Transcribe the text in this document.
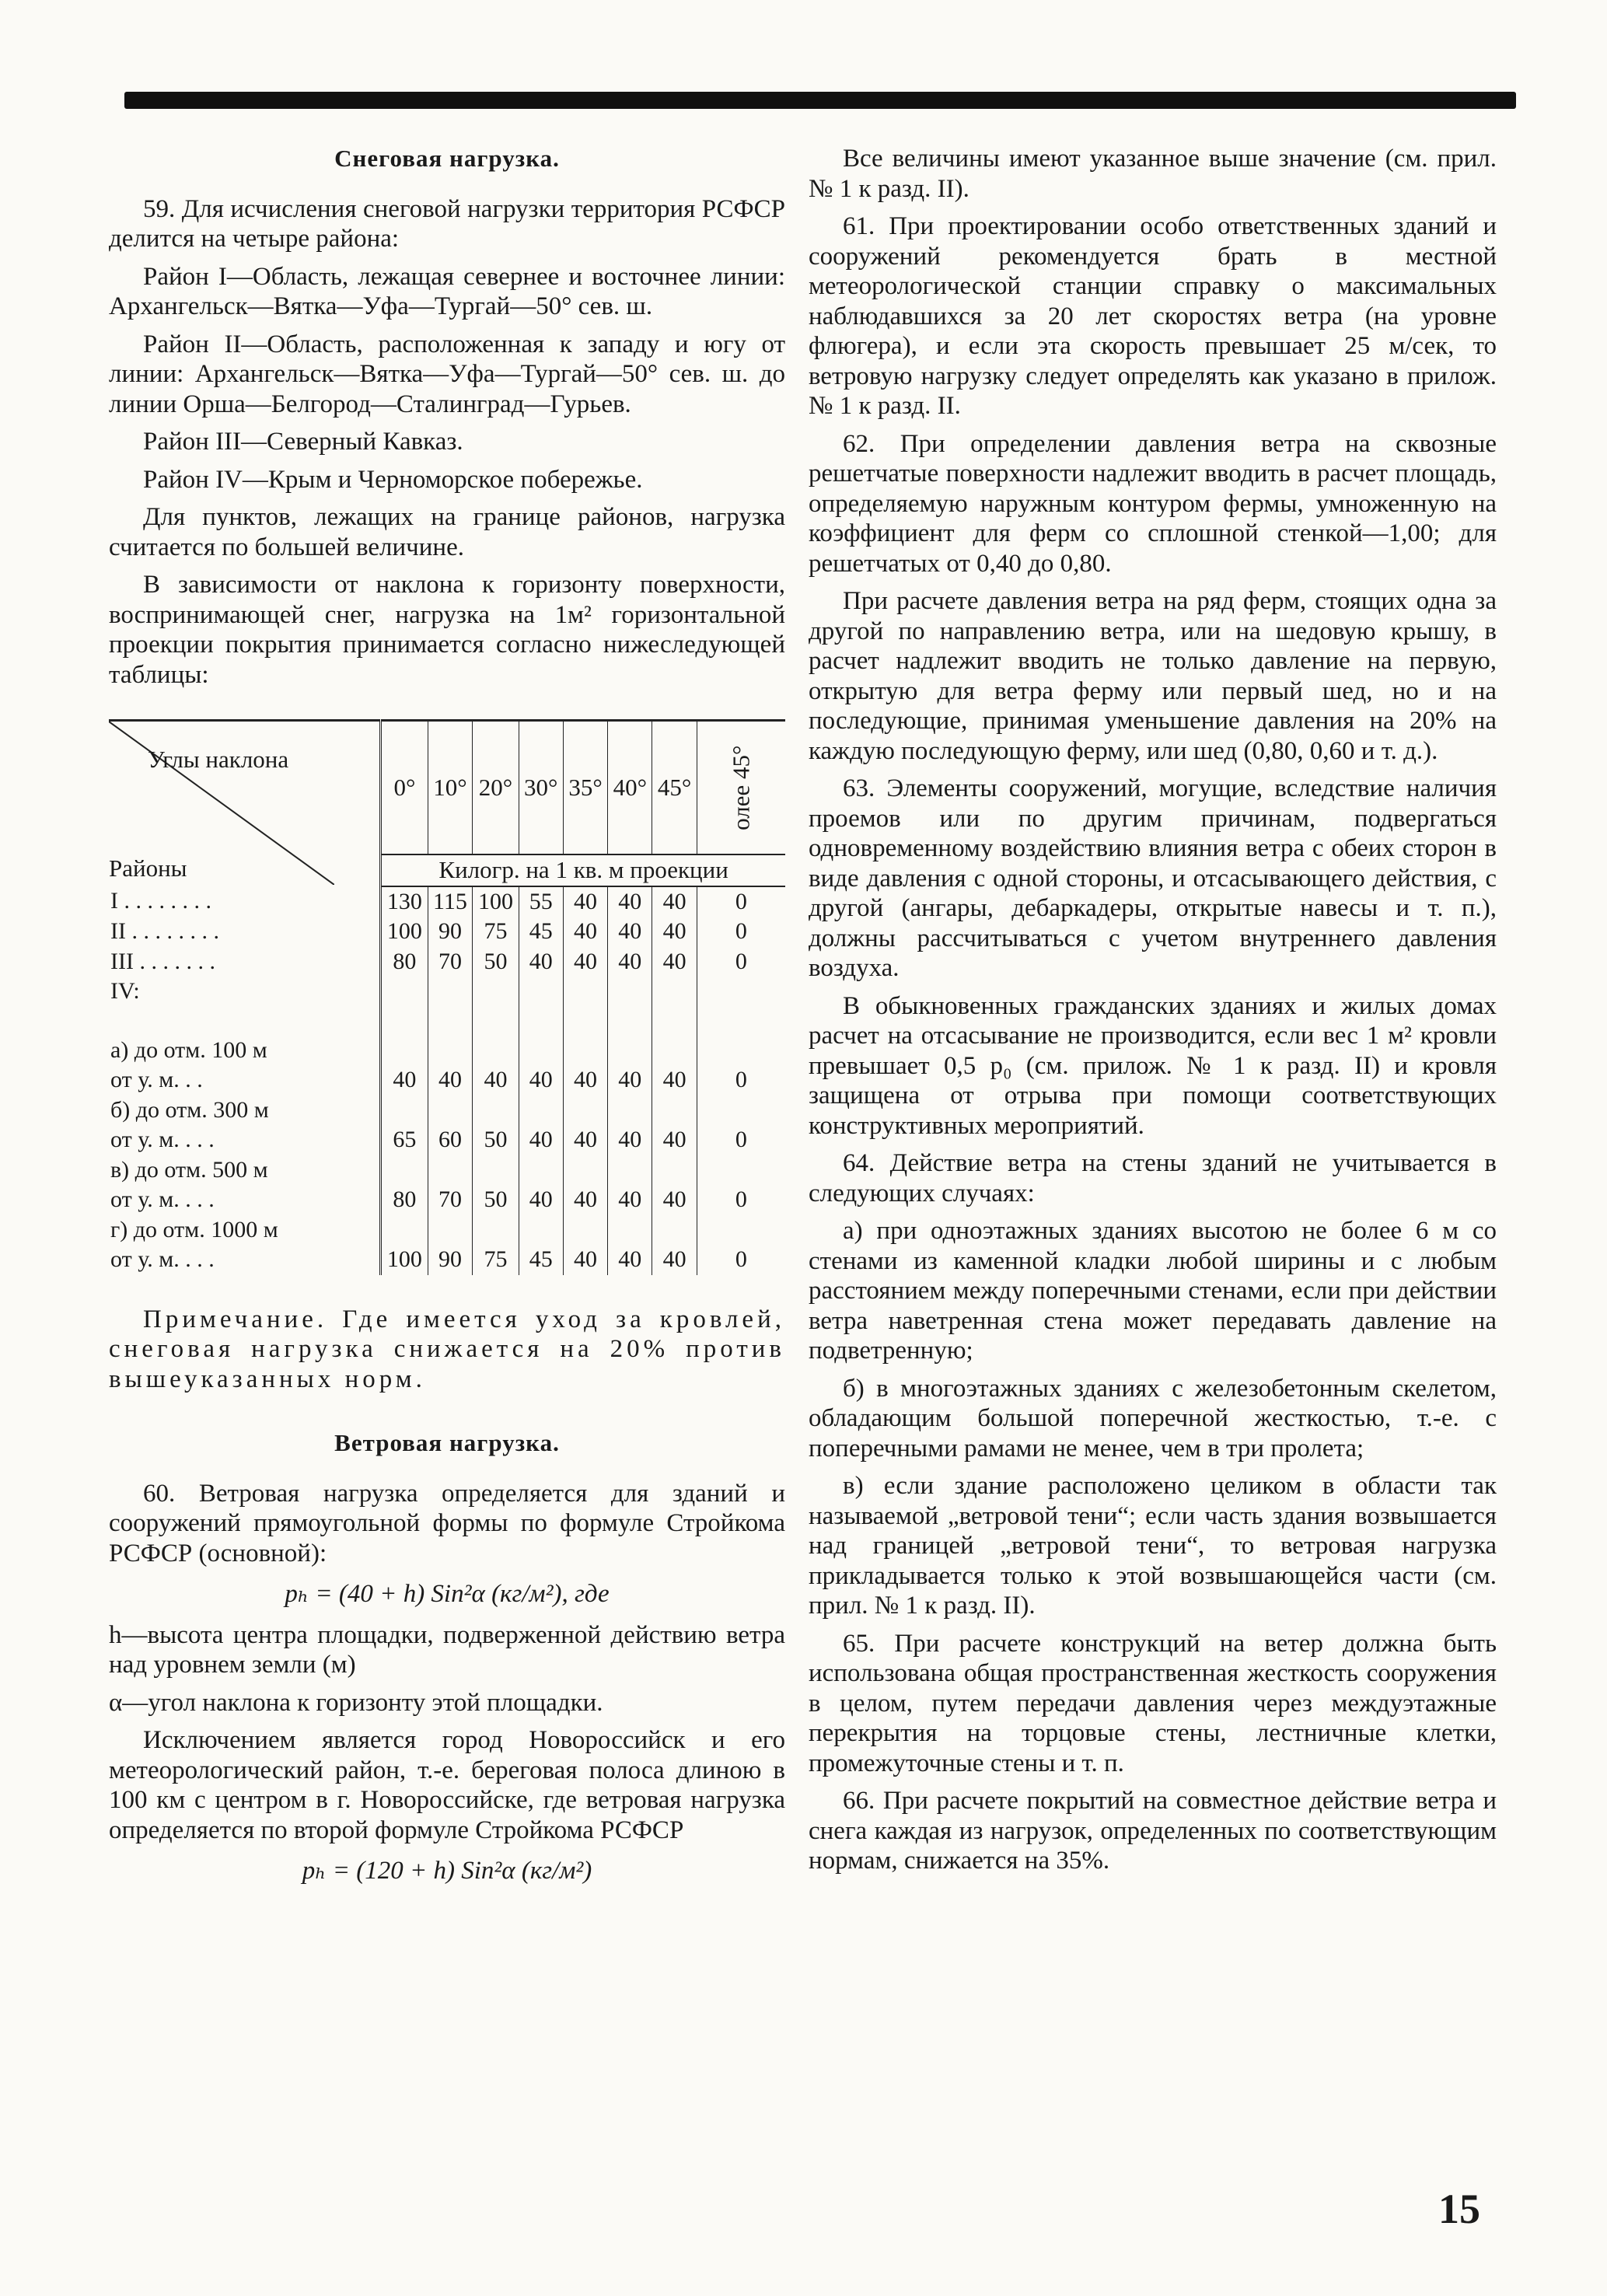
Снеговая нагрузка.

59. Для исчисления снеговой нагрузки территория РСФСР делится на четыре района:

Район I—Область, лежащая севернее и восточнее линии: Архангельск—Вятка—Уфа—Тургай—50° сев. ш.

Район II—Область, расположенная к западу и югу от линии: Архангельск—Вятка—Уфа—Тургай—50° сев. ш. до линии Орша—Белгород—Сталинград—Гурьев.

Район III—Северный Кавказ.

Район IV—Крым и Черноморское побережье.

Для пунктов, лежащих на границе районов, нагрузка считается по большей величине.

В зависимости от наклона к горизонту поверхности, воспринимающей снег, нагрузка на 1м² горизонтальной проекции покрытия принимается согласно нижеследующей таблицы:

Углы наклона
Районы	0°	10°	20°	30°	35°	40°	45°	олее 45°
	Килогр. на 1 кв. м проекции							
I . . . . . . . .	130	115	100	55	40	40	40	0
II . . . . . . . .	100	90	75	45	40	40	40	0
III . . . . . . .	80	70	50	40	40	40	40	0
IV:								

а) до отм. 100 м								
от у. м. . .	40	40	40	40	40	40	40	0
б) до отм. 300 м								
от у. м. . . .	65	60	50	40	40	40	40	0
в) до отм. 500 м								
от у. м. . . .	80	70	50	40	40	40	40	0
г) до отм. 1000 м								
от у. м. . . .	100	90	75	45	40	40	40	0

Примечание. Где имеется уход за кровлей, снеговая нагрузка снижается на 20% против вышеуказанных норм.

Ветровая нагрузка.

60. Ветровая нагрузка определяется для зданий и сооружений прямоугольной формы по формуле Стройкома РСФСР (основной):

pₕ = (40 + h) Sin²α (кг/м²), где

h—высота центра площадки, подверженной действию ветра над уровнем земли (м)

α—угол наклона к горизонту этой площадки.

Исключением является город Новороссийск и его метеорологический район, т.-е. береговая полоса длиною в 100 км с центром в г. Новороссийске, где ветровая нагрузка определяется по второй формуле Стройкома РСФСР

pₕ = (120 + h) Sin²α (кг/м²)

Все величины имеют указанное выше значение (см. прил. № 1 к разд. II).

61. При проектировании особо ответственных зданий и сооружений рекомендуется брать в местной метеорологической станции справку о максимальных наблюдавшихся за 20 лет скоростях ветра (на уровне флюгера), и если эта скорость превышает 25 м/сек, то ветровую нагрузку следует определять как указано в прилож. № 1 к разд. II.

62. При определении давления ветра на сквозные решетчатые поверхности надлежит вводить в расчет площадь, определяемую наружным контуром фермы, умноженную на коэффициент для ферм со сплошной стенкой—1,00; для решетчатых от 0,40 до 0,80.

При расчете давления ветра на ряд ферм, стоящих одна за другой по направлению ветра, или на шедовую крышу, в расчет надлежит вводить не только давление на первую, открытую для ветра ферму или первый шед, но и на последующие, принимая уменьшение давления на 20% на каждую последующую ферму, или шед (0,80, 0,60 и т. д.).

63. Элементы сооружений, могущие, вследствие наличия проемов или по другим причинам, подвергаться одновременному воздействию влияния ветра с обеих сторон в виде давления с одной стороны, и отсасывающего действия, с другой (ангары, дебаркадеры, открытые навесы и т. п.), должны рассчитываться с учетом внутреннего давления воздуха.

В обыкновенных гражданских зданиях и жилых домах расчет на отсасывание не производится, если вес 1 м² кровли превышает 0,5 p₀ (см. прилож. № 1 к разд. II) и кровля защищена от отрыва при помощи соответствующих конструктивных мероприятий.

64. Действие ветра на стены зданий не учитывается в следующих случаях:

а) при одноэтажных зданиях высотою не более 6 м со стенами из каменной кладки любой ширины и с любым расстоянием между поперечными стенами, если при действии ветра наветренная стена может передавать давление на подветренную;

б) в многоэтажных зданиях с железобетонным скелетом, обладающим большой поперечной жесткостью, т.-е. с поперечными рамами не менее, чем в три пролета;

в) если здание расположено целиком в области так называемой „ветровой тени“; если часть здания возвышается над границей „ветровой тени“, то ветровая нагрузка прикладывается только к этой возвышающейся части (см. прил. № 1 к разд. II).

65. При расчете конструкций на ветер должна быть использована общая пространственная жесткость сооружения в целом, путем передачи давления через междуэтажные перекрытия на торцовые стены, лестничные клетки, промежуточные стены и т. п.

66. При расчете покрытий на совместное действие ветра и снега каждая из нагрузок, определенных по соответствующим нормам, снижается на 35%.

15
